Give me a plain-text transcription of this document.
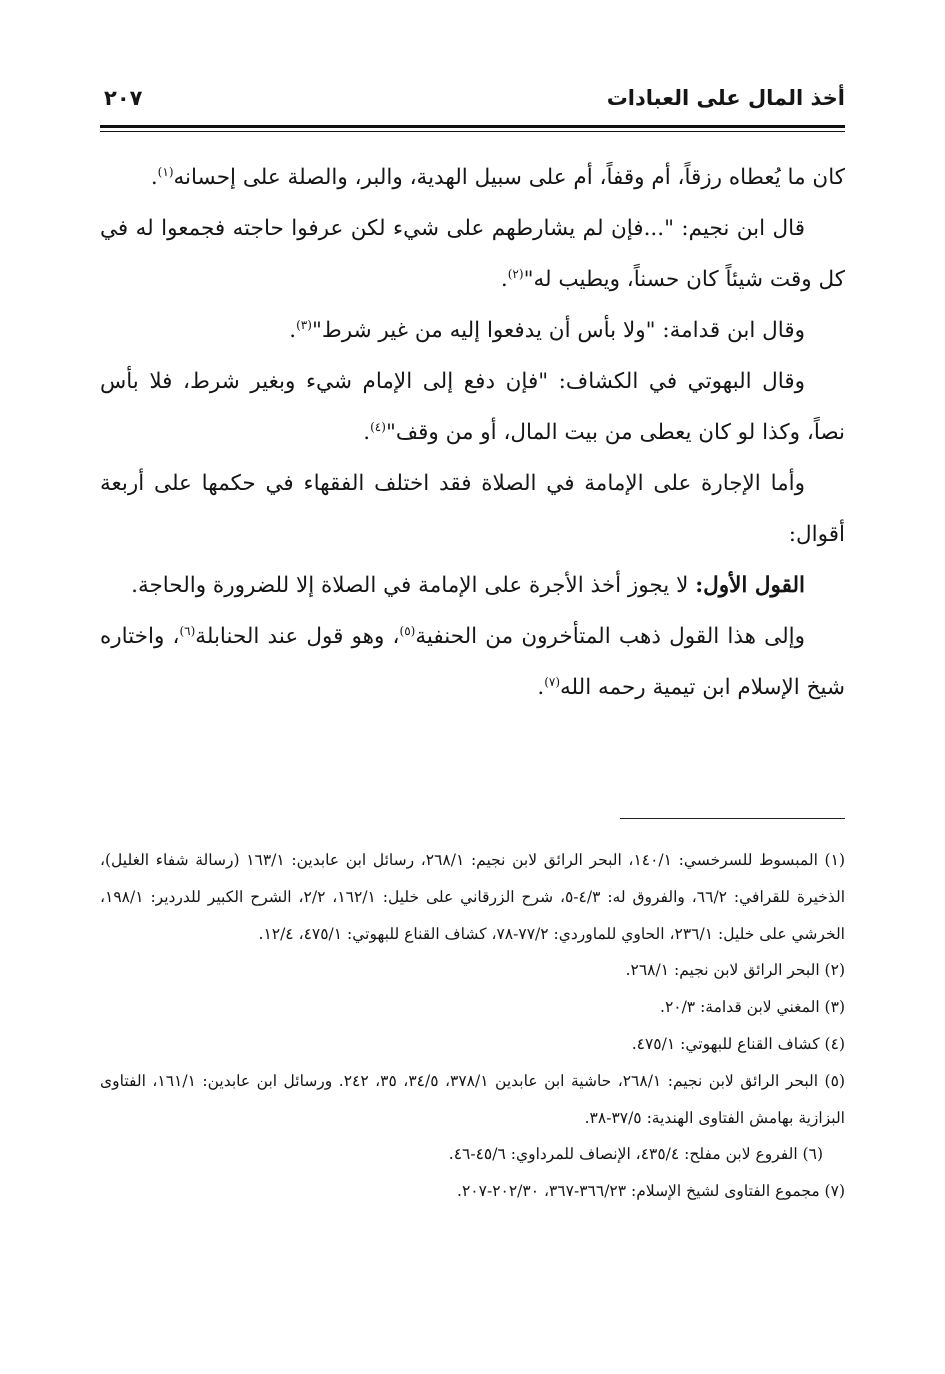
أخذ المال على العبادات
٢٠٧

كان ما يُعطاه رزقاً، أم وقفاً، أم على سبيل الهدية، والبر، والصلة على إحسانه$^{(١)}$.

قال ابن نجيم: "...فإن لم يشارطهم على شيء لكن عرفوا حاجته فجمعوا له في كل وقت شيئاً كان حسناً، ويطيب له"$^{(٢)}$.

وقال ابن قدامة: "ولا بأس أن يدفعوا إليه من غير شرط"$^{(٣)}$.

وقال البهوتي في الكشاف: "فإن دفع إلى الإمام شيء وبغير شرط، فلا بأس نصاً، وكذا لو كان يعطى من بيت المال، أو من وقف"$^{(٤)}$.

وأما الإجارة على الإمامة في الصلاة فقد اختلف الفقهاء في حكمها على أربعة أقوال:

القول الأول: لا يجوز أخذ الأجرة على الإمامة في الصلاة إلا للضرورة والحاجة.

وإلى هذا القول ذهب المتأخرون من الحنفية$^{(٥)}$، وهو قول عند الحنابلة$^{(٦)}$، واختاره شيخ الإسلام ابن تيمية رحمه الله$^{(٧)}$.

(١) المبسوط للسرخسي: ١٤٠/١، البحر الرائق لابن نجيم: ٢٦٨/١، رسائل ابن عابدين: ١٦٣/١ (رسالة شفاء الغليل)، الذخيرة للقرافي: ٦٦/٢، والفروق له: ٤/٣-٥، شرح الزرقاني على خليل: ١٦٢/١، ٢/٢، الشرح الكبير للدردير: ١٩٨/١، الخرشي على خليل: ٢٣٦/١، الحاوي للماوردي: ٧٧/٢-٧٨، كشاف القناع للبهوتي: ٤٧٥/١، ١٢/٤.

(٢) البحر الرائق لابن نجيم: ٢٦٨/١.

(٣) المغني لابن قدامة: ٢٠/٣.

(٤) كشاف القناع للبهوتي: ٤٧٥/١.

(٥) البحر الرائق لابن نجيم: ٢٦٨/١، حاشية ابن عابدين ٣٧٨/١، ٣٤/٥، ٣٥، ٢٤٢. ورسائل ابن عابدين: ١٦١/١، الفتاوى البزازية بهامش الفتاوى الهندية: ٣٧/٥-٣٨.

(٦) الفروع لابن مفلح: ٤٣٥/٤، الإنصاف للمرداوي: ٤٥/٦-٤٦.

(٧) مجموع الفتاوى لشيخ الإسلام: ٣٦٦/٢٣-٣٦٧، ٢٠٢/٣٠-٢٠٧.
